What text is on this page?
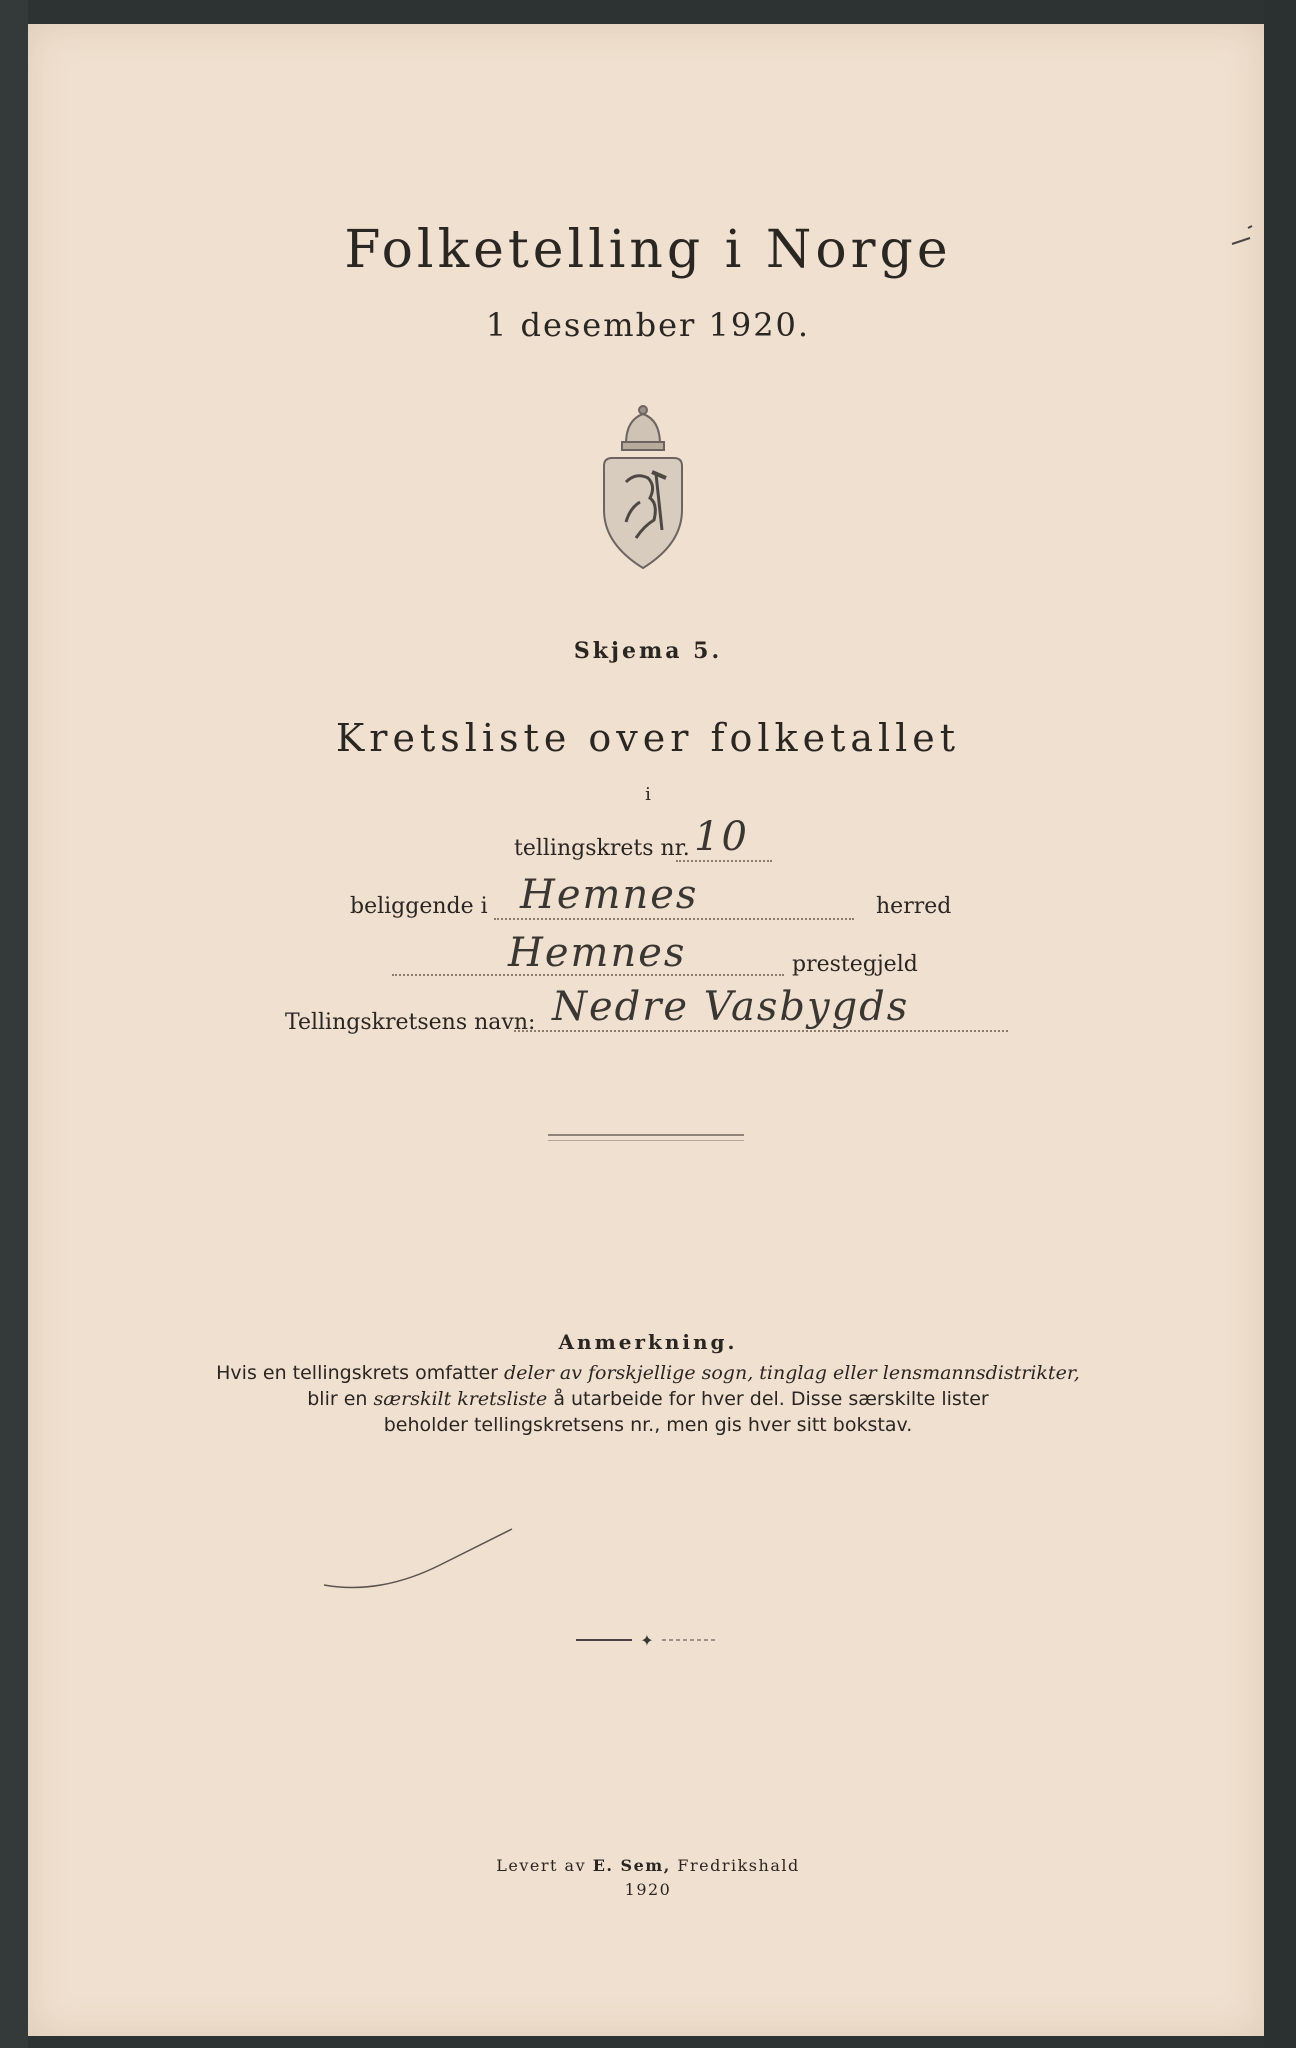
Folketelling i Norge
1 desember 1920.
Skjema 5.
Kretsliste over folketallet
i
tellingskrets nr. 10
beliggende i Hemnes	herred
Hemnes	prestegjeld
Tellingskretsens navn: Nedre Vasbygds
Anmerkning.
Hvis en tellingskrets omfatter deler av forskjellige sogn, tinglag eller lensmannsdistrikter,
blir en særskilt kretsliste å utarbeide for hver del. Disse særskilte lister
beholder tellingskretsens nr., men gis hver sitt bokstav.
✦
Levert av E. Sem, Fredrikshald
1920
